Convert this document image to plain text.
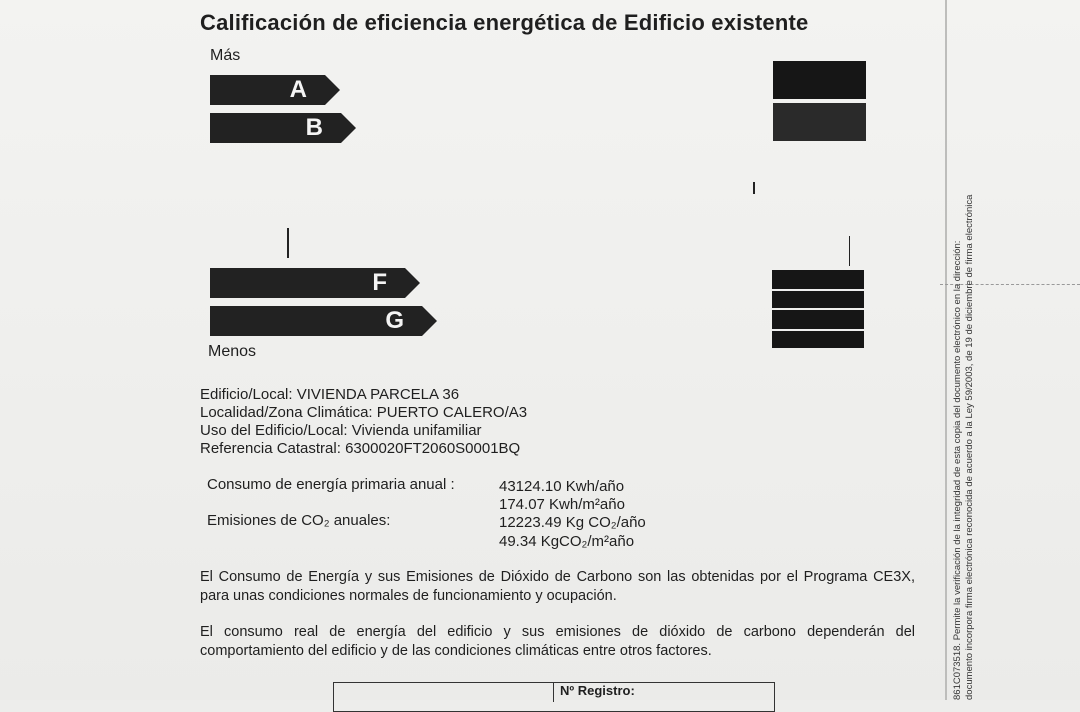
Calificación de eficiencia energética de Edificio existente
Más
A
B
F
G
Menos
Edificio/Local: VIVIENDA PARCELA 36
Localidad/Zona Climática: PUERTO CALERO/A3
Uso del Edificio/Local: Vivienda unifamiliar
Referencia Catastral: 6300020FT2060S0001BQ
Consumo de energía primaria anual :	43124.10 Kwh/año
174.07 Kwh/m²año
Emisiones de CO₂ anuales:	12223.49 Kg CO₂/año
49.34 KgCO₂/m²año
El Consumo de Energía y sus Emisiones de Dióxido de Carbono son las obtenidas por el Programa CE3X, para unas condiciones normales de funcionamiento y ocupación.
El consumo real de energía del edificio y sus emisiones de dióxido de carbono dependerán del comportamiento del edificio y de las condiciones climáticas entre otros factores.
Nº Registro:	861C073518. Permite la verificación de la integridad de esta copia del documento electrónico en la dirección: documento incorpora firma electrónica reconocida de acuerdo a la Ley 59/2003, de 19 de diciembre de firma electrónica
